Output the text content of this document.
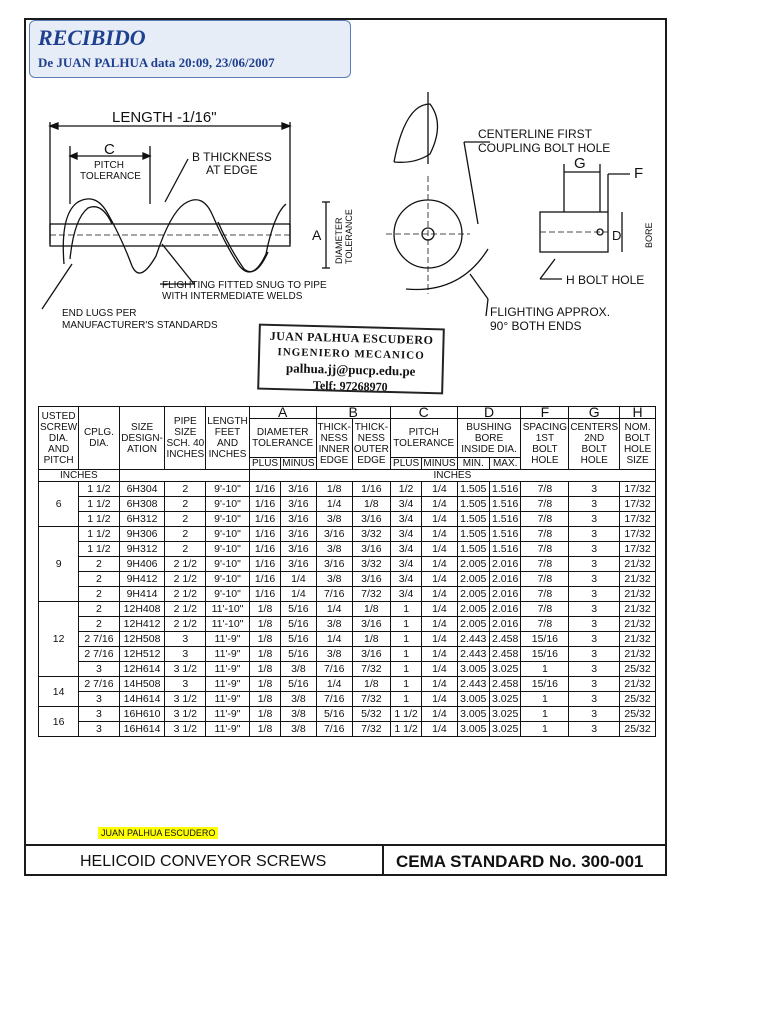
RECIBIDO
De JUAN PALHUA data 20:09, 23/06/2007
LENGTH -1/16"
C
PITCH
TOLERANCE
B THICKNESS
AT EDGE
A DIAMETER TOLERANCE
FLIGHTING FITTED SNUG TO PIPE
WITH INTERMEDIATE WELDS
END LUGS PER
MANUFACTURER'S STANDARDS
CENTERLINE FIRST
COUPLING BOLT HOLE
G
F
D	BORE
H BOLT HOLE
FLIGHTING APPROX.
90° BOTH ENDS
JUAN PALHUA ESCUDERO
INGENIERO MECANICO
palhua.jj@pucp.edu.pe
Telf: 97268970
USTED SCREW DIA. AND PITCH	CPLG. DIA.	SIZE DESIGN-ATION	PIPE SIZE SCH. 40 INCHES	LENGTH FEET AND INCHES	A		B		C		D		F	G	H
					DIAMETER TOLERANCE		THICK-NESS INNER EDGE	THICK-NESS OUTER EDGE	PITCH TOLERANCE		BUSHING BORE INSIDE DIA.		SPACING 1ST BOLT HOLE	CENTERS 2ND BOLT HOLE	NOM. BOLT HOLE SIZE
					PLUS	MINUS			PLUS	MINUS	MIN.	MAX.			
INCHES					INCHES										
6	1 1/2	6H304	2	9'-10"	1/16	3/16	1/8	1/16	1/2	1/4	1.505	1.516	7/8	3	17/32
	1 1/2	6H308	2	9'-10"	1/16	3/16	1/4	1/8	3/4	1/4	1.505	1.516	7/8	3	17/32
	1 1/2	6H312	2	9'-10"	1/16	3/16	3/8	3/16	3/4	1/4	1.505	1.516	7/8	3	17/32
9	1 1/2	9H306	2	9'-10"	1/16	3/16	3/16	3/32	3/4	1/4	1.505	1.516	7/8	3	17/32
	1 1/2	9H312	2	9'-10"	1/16	3/16	3/8	3/16	3/4	1/4	1.505	1.516	7/8	3	17/32
	2	9H406	2 1/2	9'-10"	1/16	3/16	3/16	3/32	3/4	1/4	2.005	2.016	7/8	3	21/32
	2	9H412	2 1/2	9'-10"	1/16	1/4	3/8	3/16	3/4	1/4	2.005	2.016	7/8	3	21/32
	2	9H414	2 1/2	9'-10"	1/16	1/4	7/16	7/32	3/4	1/4	2.005	2.016	7/8	3	21/32
12	2	12H408	2 1/2	11'-10"	1/8	5/16	1/4	1/8	1	1/4	2.005	2.016	7/8	3	21/32
	2	12H412	2 1/2	11'-10"	1/8	5/16	3/8	3/16	1	1/4	2.005	2.016	7/8	3	21/32
	2 7/16	12H508	3	11'-9"	1/8	5/16	1/4	1/8	1	1/4	2.443	2.458	15/16	3	21/32
	2 7/16	12H512	3	11'-9"	1/8	5/16	3/8	3/16	1	1/4	2.443	2.458	15/16	3	21/32
	3	12H614	3 1/2	11'-9"	1/8	3/8	7/16	7/32	1	1/4	3.005	3.025	1	3	25/32
14	2 7/16	14H508	3	11'-9"	1/8	5/16	1/4	1/8	1	1/4	2.443	2.458	15/16	3	21/32
	3	14H614	3 1/2	11'-9"	1/8	3/8	7/16	7/32	1	1/4	3.005	3.025	1	3	25/32
16	3	16H610	3 1/2	11'-9"	1/8	3/8	5/16	5/32	1 1/2	1/4	3.005	3.025	1	3	25/32
	3	16H614	3 1/2	11'-9"	1/8	3/8	7/16	7/32	1 1/2	1/4	3.005	3.025	1	3	25/32
JUAN PALHUA ESCUDERO
HELICOID CONVEYOR SCREWS	CEMA STANDARD No. 300-001
